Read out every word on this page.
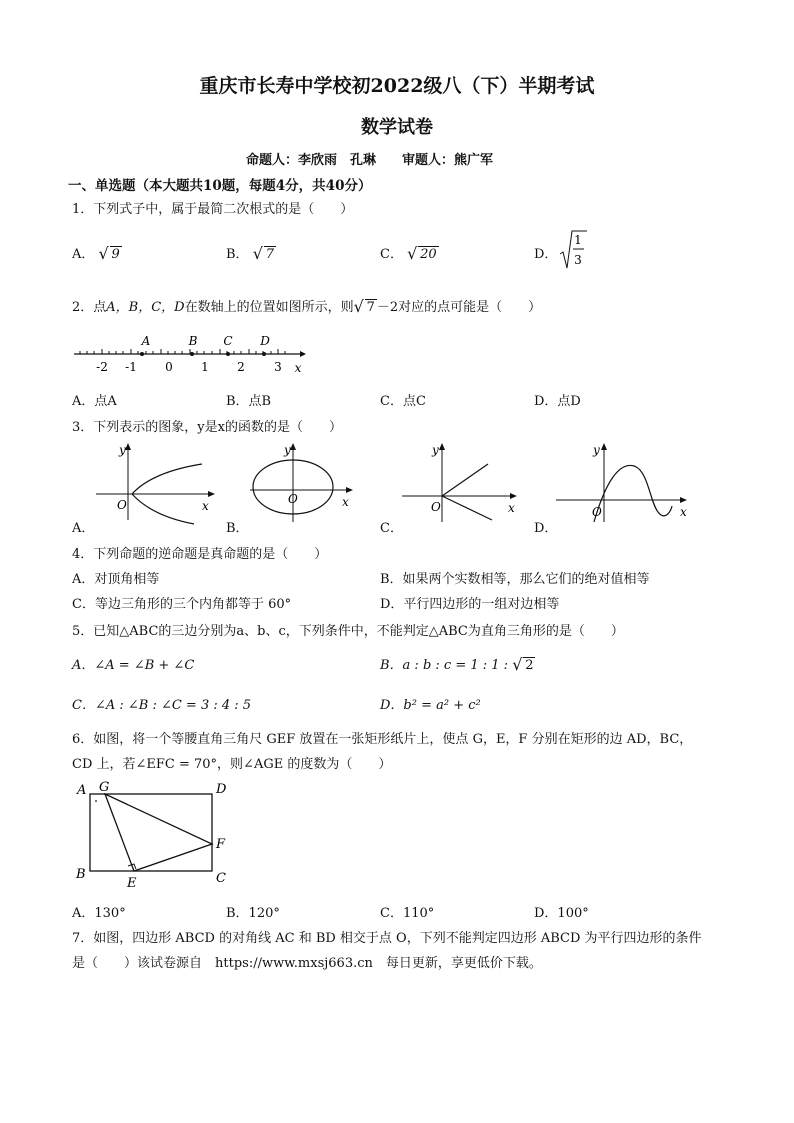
重庆市长寿中学校初2022级八（下）半期考试
数学试卷
命题人：李欣雨　孔琳　　审题人：熊广军
一、单选题（本大题共10题，每题4分，共40分）
1．下列式子中，属于最简二次根式的是（　　）
A． √ 9	B． √ 7	C． √ 20	D．
1
3
2．点A，B，C，D在数轴上的位置如图所示，则 √ 7 －2对应的点可能是（　　）
-2 -1 0 1 2 3 x
A	B C D
A．点A	B．点B	C．点C	D．点D
3．下列表示的图象，y是x的函数的是（　　）
y
x
O
y
x
O
y
x
O
y
x
O
A．	B．	C．	D．
4．下列命题的逆命题是真命题的是（　　）
A．对顶角相等	B．如果两个实数相等，那么它们的绝对值相等
C．等边三角形的三个内角都等于 60°	D．平行四边形的一组对边相等
5．已知△ABC的三边分别为a、b、c，下列条件中，不能判定△ABC为直角三角形的是（　　）
A．∠A = ∠B + ∠C	B．a : b : c = 1 : 1 : √ 2
C．∠A : ∠B : ∠C = 3 : 4 : 5	D．b² = a² + c²
6．如图，将一个等腰直角三角尺 GEF 放置在一张矩形纸片上，使点 G，E，F 分别在矩形的边 AD，BC，
CD 上，若∠EFC = 70°，则∠AGE 的度数为（　　）
A G	D
F
B
E	C
A．130°	B．120°	C．110°	D．100°
7．如图，四边形 ABCD 的对角线 AC 和 BD 相交于点 O，下列不能判定四边形 ABCD 为平行四边形的条件
是（　　）该试卷源自　https://www.mxsj663.cn　每日更新，享更低价下载。
